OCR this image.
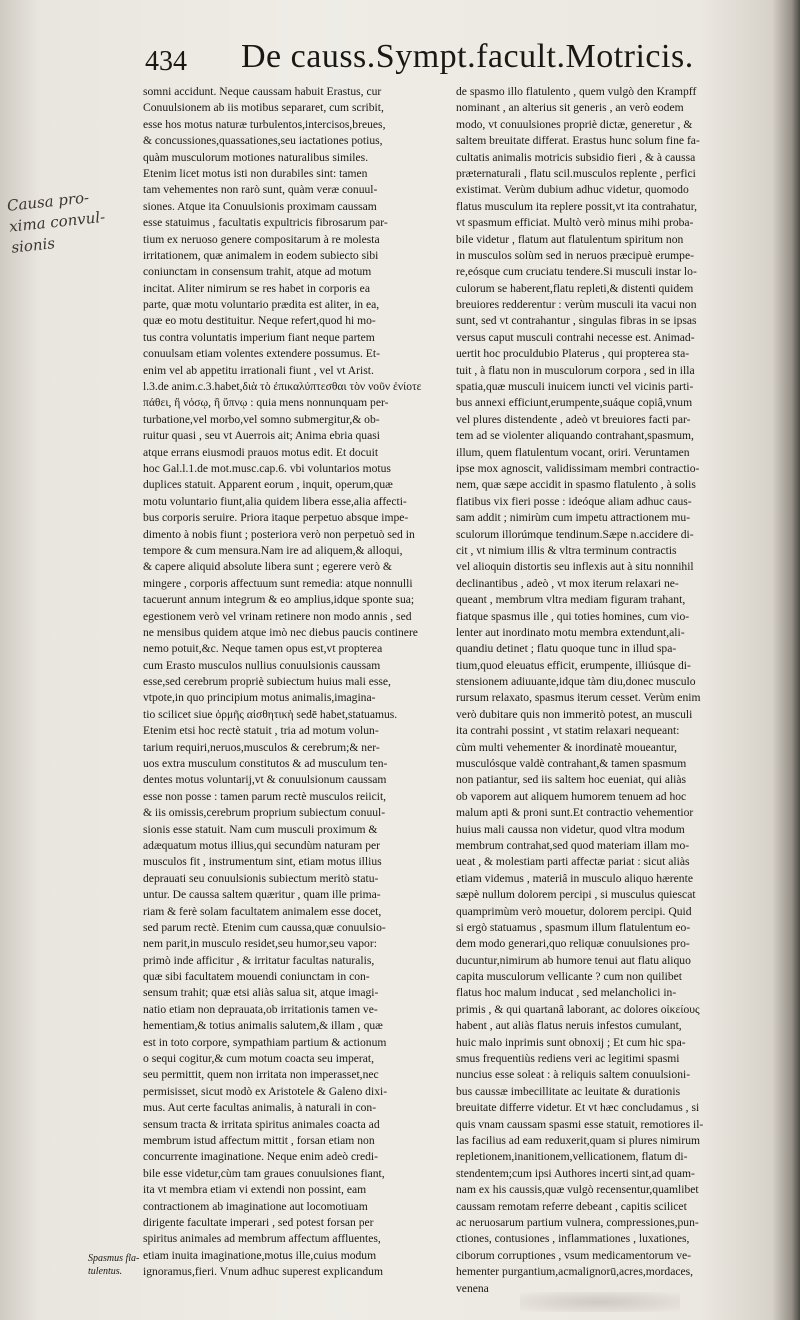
434 De causs.Sympt.facult.Motricis.
Causa pro-
xima convul-
sionis
somni accidunt. Neque caussam habuit Erastus, cur
Conuulsionem ab iis motibus separaret, cum scribit,
esse hos motus naturæ turbulentos,intercisos,breues,
& concussiones,quassationes,seu iactationes potius,
quàm musculorum motiones naturalibus similes.
Etenim licet motus isti non durabiles sint: tamen
tam vehementes non rarò sunt, quàm veræ conuul-
siones. Atque ita Conuulsionis proximam caussam
esse statuimus , facultatis expultricis fibrosarum par-
tium ex neruoso genere compositarum à re molesta
irritationem, quæ animalem in eodem subiecto sibi
coniunctam in consensum trahit, atque ad motum
incitat. Aliter nimirum se res habet in corporis ea
parte, quæ motu voluntario prædita est aliter, in ea,
quæ eo motu destituitur. Neque refert,quod hi mo-
tus contra voluntatis imperium fiant neque partem
conuulsam etiam volentes extendere possumus. Et-
enim vel ab appetitu irrationali fiunt , vel vt Arist.
l.3.de anim.c.3.habet,διὰ τὸ ἐπικαλύπτεσθαι τὸν νοῦν ἐνίοτε
πάθει, ἢ νόσῳ, ἢ ὕπνῳ : quia mens nonnunquam per-
turbatione,vel morbo,vel somno submergitur,& ob-
ruitur quasi , seu vt Auerrois ait; Anima ebria quasi
atque errans eiusmodi prauos motus edit. Et docuit
hoc Gal.l.1.de mot.musc.cap.6. vbi voluntarios motus
duplices statuit. Apparent eorum , inquit, operum,quæ
motu voluntario fiunt,alia quidem libera esse,alia affecti-
bus corporis seruire. Priora itaque perpetuo absque impe-
dimento à nobis fiunt ; posteriora verò non perpetuò sed in
tempore & cum mensura.Nam ire ad aliquem,& alloqui,
& capere aliquid absolute libera sunt ; egerere verò &
mingere , corporis affectuum sunt remedia: atque nonnulli
tacuerunt annum integrum & eo amplius,idque sponte sua;
egestionem verò vel vrinam retinere non modo annis , sed
ne mensibus quidem atque imò nec diebus paucis continere
nemo potuit,&c. Neque tamen opus est,vt propterea
cum Erasto musculos nullius conuulsionis caussam
esse,sed cerebrum propriè subiectum huius mali esse,
vtpote,in quo principium motus animalis,imagina-
tio scilicet siue ὁρμῆς αἰσθητικὴ sedē habet,statuamus.
Etenim etsi hoc rectè statuit , tria ad motum volun-
tarium requiri,neruos,musculos & cerebrum;& ner-
uos extra musculum constitutos & ad musculum ten-
dentes motus voluntarij,vt & conuulsionum caussam
esse non posse : tamen parum rectè musculos reiicit,
& iis omissis,cerebrum proprium subiectum conuul-
sionis esse statuit. Nam cum musculi proximum &
adæquatum motus illius,qui secundùm naturam per
musculos fit , instrumentum sint, etiam motus illius
deprauati seu conuulsionis subiectum meritò statu-
untur. De caussa saltem quæritur , quam ille prima-
riam & ferè solam facultatem animalem esse docet,
sed parum rectè. Etenim cum caussa,quæ conuulsio-
nem parit,in musculo residet,seu humor,seu vapor:
primò inde afficitur , & irritatur facultas naturalis,
quæ sibi facultatem mouendi coniunctam in con-
sensum trahit; quæ etsi aliàs salua sit, atque imagi-
natio etiam non deprauata,ob irritationis tamen ve-
hementiam,& totius animalis salutem,& illam , quæ
est in toto corpore, sympathiam partium & actionum
o sequi cogitur,& cum motum coacta seu imperat,
seu permittit, quem non irritata non imperasset,nec
permisisset, sicut modò ex Aristotele & Galeno dixi-
mus. Aut certe facultas animalis, à naturali in con-
sensum tracta & irritata spiritus animales coacta ad
membrum istud affectum mittit , forsan etiam non
concurrente imaginatione. Neque enim adeò credi-
bile esse videtur,cùm tam graues conuulsiones fiant,
ita vt membra etiam vi extendi non possint, eam
contractionem ab imaginatione aut locomotiuam
dirigente facultate imperari , sed potest forsan per
spiritus animales ad membrum affectum affluentes,
etiam inuita imaginatione,motus ille,cuius modum
ignoramus,fieri. Vnum adhuc superest explicandum
de spasmo illo flatulento , quem vulgò den Krampff
nominant , an alterius sit generis , an verò eodem
modo, vt conuulsiones propriè dictæ, generetur , &
saltem breuitate differat. Erastus hunc solum fine fa-
cultatis animalis motricis subsidio fieri , & à caussa
præternaturali , flatu scil.musculos replente , perfici
existimat. Verùm dubium adhuc videtur, quomodo
flatus musculum ita replere possit,vt ita contrahatur,
vt spasmum efficiat. Multò verò minus mihi proba-
bile videtur , flatum aut flatulentum spiritum non
in musculos solùm sed in neruos præcipuè erumpe-
re,eósque cum cruciatu tendere.Si musculi instar lo-
culorum se haberent,flatu repleti,& distenti quidem
breuiores redderentur : verùm musculi ita vacui non
sunt, sed vt contrahantur , singulas fibras in se ipsas
versus caput musculi contrahi necesse est. Animad-
uertit hoc proculdubio Platerus , qui propterea sta-
tuit , à flatu non in musculorum corpora , sed in illa
spatia,quæ musculi inuicem iuncti vel vicinis parti-
bus annexi efficiunt,erumpente,suáque copiâ,vnum
vel plures distendente , adeò vt breuiores facti par-
tem ad se violenter aliquando contrahant,spasmum,
illum, quem flatulentum vocant, oriri. Veruntamen
ipse mox agnoscit, validissimam membri contractio-
nem, quæ sæpe accidit in spasmo flatulento , à solis
flatibus vix fieri posse : ideóque aliam adhuc caus-
sam addit ; nimirùm cum impetu attractionem mu-
sculorum illorúmque tendinum.Sæpe n.accidere di-
cit , vt nimium illis & vltra terminum contractis
vel alioquin distortis seu inflexis aut à situ nonnihil
declinantibus , adeò , vt mox iterum relaxari ne-
queant , membrum vltra mediam figuram trahant,
fiatque spasmus ille , qui toties homines, cum vio-
lenter aut inordinato motu membra extendunt,ali-
quandiu detinet ; flatu quoque tunc in illud spa-
tium,quod eleuatus efficit, erumpente, illiúsque di-
stensionem adiuuante,idque tàm diu,donec musculo
rursum relaxato, spasmus iterum cesset. Verùm enim
verò dubitare quis non immeritò potest, an musculi
ita contrahi possint , vt statim relaxari nequeant:
cùm multi vehementer & inordinatè moueantur,
musculósque valdè contrahant,& tamen spasmum
non patiantur, sed iis saltem hoc eueniat, qui aliàs
ob vaporem aut aliquem humorem tenuem ad hoc
malum apti & proni sunt.Et contractio vehementior
huius mali caussa non videtur, quod vltra modum
membrum contrahat,sed quod materiam illam mo-
ueat , & molestiam parti affectæ pariat : sicut aliàs
etiam videmus , materiâ in musculo aliquo hærente
sæpè nullum dolorem percipi , si musculus quiescat
quamprimùm verò mouetur, dolorem percipi. Quid
si ergò statuamus , spasmum illum flatulentum eo-
dem modo generari,quo reliquæ conuulsiones pro-
ducuntur,nimirum ab humore tenui aut flatu aliquo
capita musculorum vellicante ? cum non quilibet
flatus hoc malum inducat , sed melancholici in-
primis , & qui quartanâ laborant, ac dolores οἰκείους
habent , aut aliàs flatus neruis infestos cumulant,
huic malo inprimis sunt obnoxij ; Et cum hic spa-
smus frequentiùs rediens veri ac legitimi spasmi
nuncius esse soleat : à reliquis saltem conuulsioni-
bus caussæ imbecillitate ac leuitate & durationis
breuitate differre videtur. Et vt hæc concludamus , si
quis vnam caussam spasmi esse statuit, remotiores il-
las facilius ad eam reduxerit,quam si plures nimirum
repletionem,inanitionem,vellicationem, flatum di-
stendentem;cum ipsi Authores incerti sint,ad quam-
nam ex his caussis,quæ vulgò recensentur,quamlibet
caussam remotam referre debeant , capitis scilicet
ac neruosarum partium vulnera, compressiones,pun-
ctiones, contusiones , inflammationes , luxationes,
ciborum corruptiones , vsum medicamentorum ve-
hementer purgantium,acmalignorū,acres,mordaces,
venena
Spasmus fla-
tulentus.
